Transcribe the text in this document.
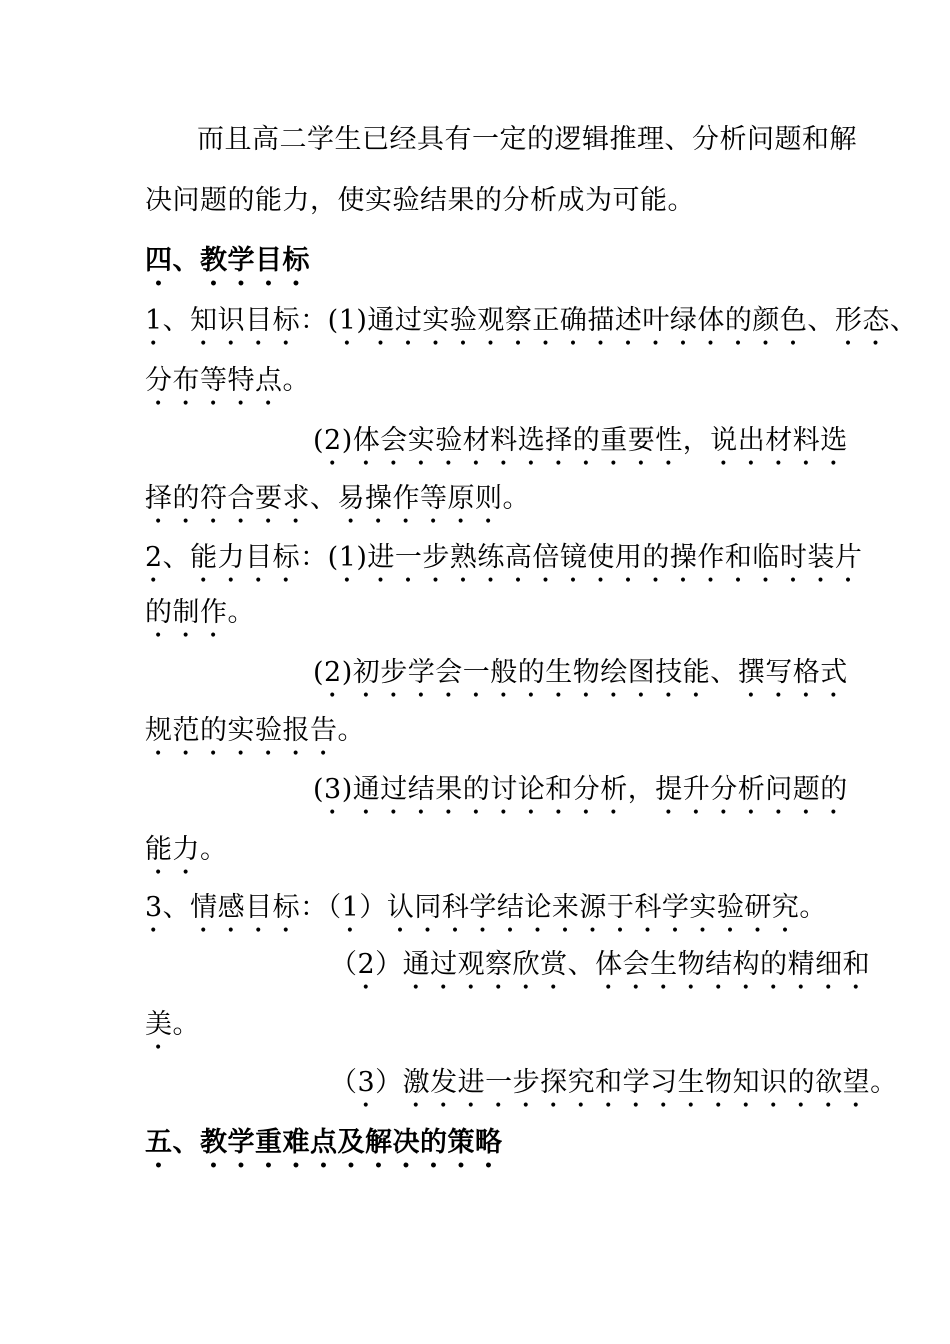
而且高二学生已经具有一定的逻辑推理、分析问题和解
决问题的能力，使实验结果的分析成为可能。
四、教学目标
1、知识目标：(1)通过实验观察正确描述叶绿体的颜色、形态、
分布等特点。
(2)体会实验材料选择的重要性，说出材料选
择的符合要求、易操作等原则。
2、能力目标：(1)进一步熟练高倍镜使用的操作和临时装片
的制作。
(2)初步学会一般的生物绘图技能、撰写格式
规范的实验报告。
(3)通过结果的讨论和分析，提升分析问题的
能力。
3、情感目标：（1）认同科学结论来源于科学实验研究。
（2）通过观察欣赏、体会生物结构的精细和
美。
（3）激发进一步探究和学习生物知识的欲望。
五、教学重难点及解决的策略
